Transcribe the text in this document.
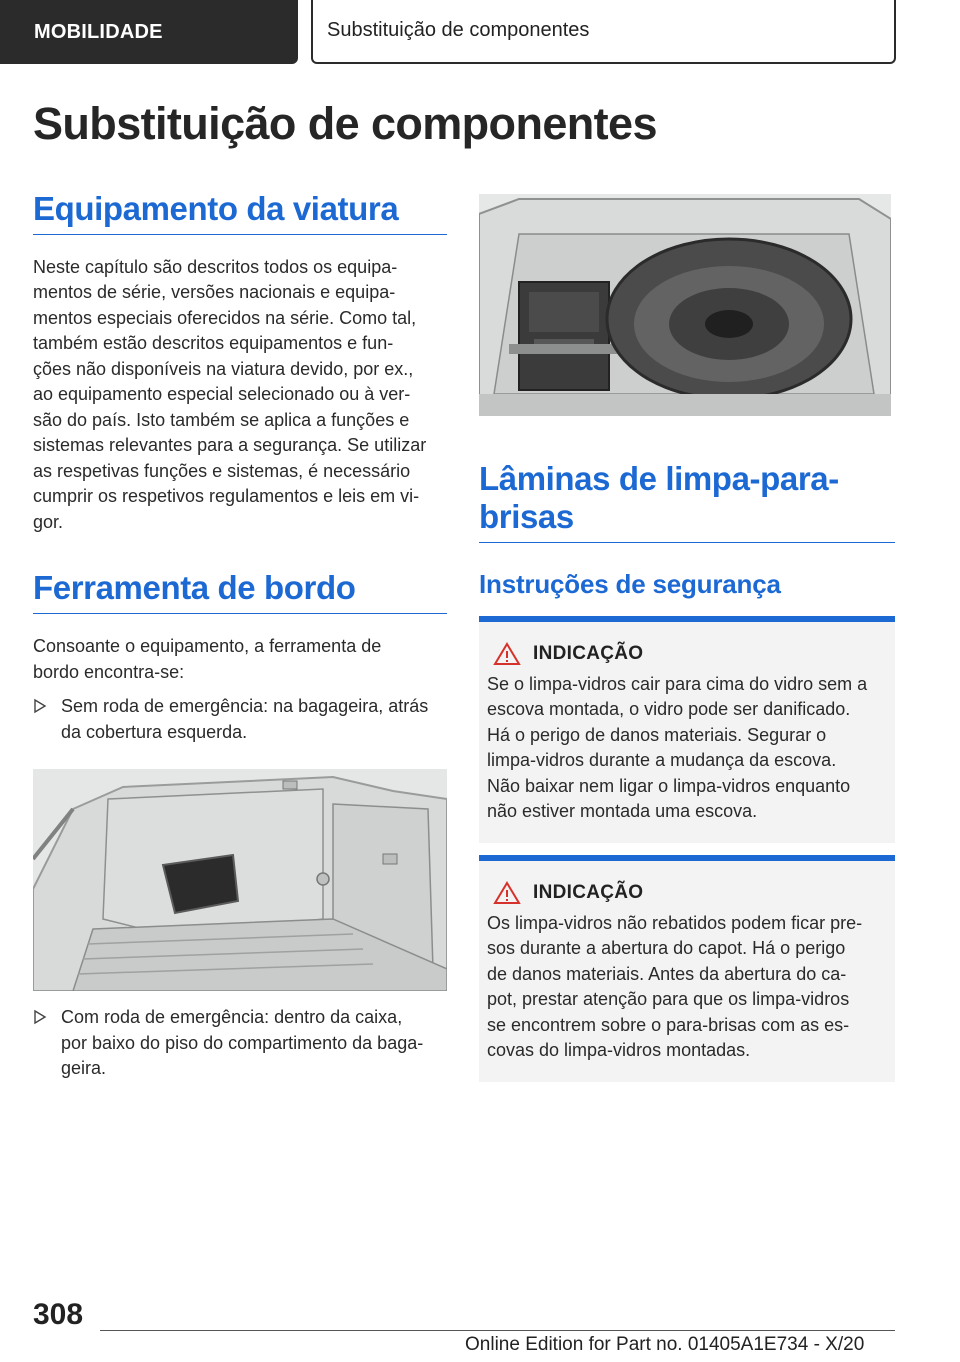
MOBILIDADE	Substituição de componentes
Substituição de componentes
Equipamento da viatura

Neste capítulo são descritos todos os equipa-
mentos de série, versões nacionais e equipa-
mentos especiais oferecidos na série. Como tal,
também estão descritos equipamentos e fun-
ções não disponíveis na viatura devido, por ex.,
ao equipamento especial selecionado ou à ver-
são do país. Isto também se aplica a funções e
sistemas relevantes para a segurança. Se utilizar
as respetivas funções e sistemas, é necessário
cumprir os respetivos regulamentos e leis em vi-
gor.

Ferramenta de bordo

Consoante o equipamento, a ferramenta de
bordo encontra-se:

Sem roda de emergência: na bagageira, atrás
da cobertura esquerda.
Com roda de emergência: dentro da caixa,
por baixo do piso do compartimento da baga-
geira.
Lâminas de limpa-para-
brisas
Instruções de segurança
INDICAÇÃO
Se o limpa-vidros cair para cima do vidro sem a
escova montada, o vidro pode ser danificado.
Há o perigo de danos materiais. Segurar o
limpa-vidros durante a mudança da escova.
Não baixar nem ligar o limpa-vidros enquanto
não estiver montada uma escova.
INDICAÇÃO
Os limpa-vidros não rebatidos podem ficar pre-
sos durante a abertura do capot. Há o perigo
de danos materiais. Antes da abertura do ca-
pot, prestar atenção para que os limpa-vidros
se encontrem sobre o para-brisas com as es-
covas do limpa-vidros montadas.
308
Online Edition for Part no. 01405A1E734 - X/20
